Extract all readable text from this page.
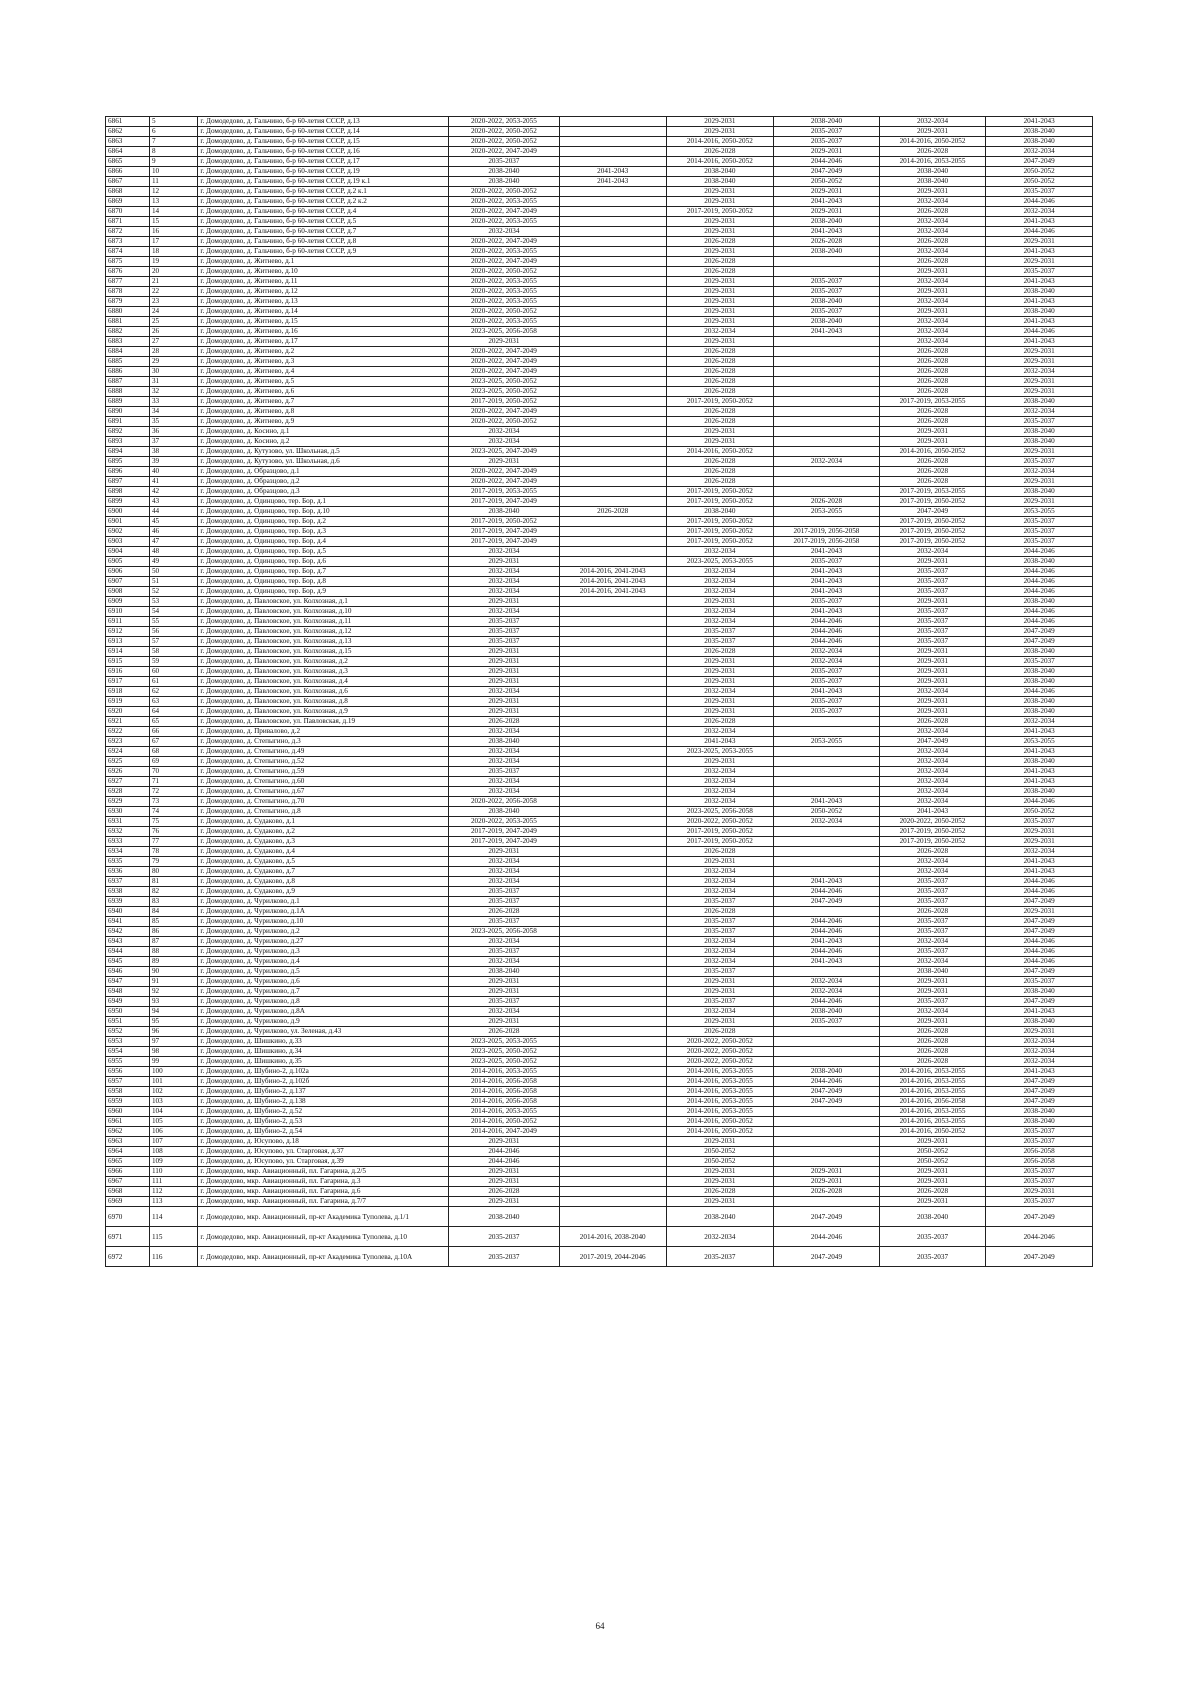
6861	5	г. Домодедово, д. Гальчино, б-р 60-летия СССР, д.13	2020-2022, 2053-2055		2029-2031	2038-2040	2032-2034	2041-2043
6862	6	г. Домодедово, д. Гальчино, б-р 60-летия СССР, д.14	2020-2022, 2050-2052		2029-2031	2035-2037	2029-2031	2038-2040
6863	7	г. Домодедово, д. Гальчино, б-р 60-летия СССР, д.15	2020-2022, 2050-2052		2014-2016, 2050-2052	2035-2037	2014-2016, 2050-2052	2038-2040
6864	8	г. Домодедово, д. Гальчино, б-р 60-летия СССР, д.16	2020-2022, 2047-2049		2026-2028	2029-2031	2026-2028	2032-2034
6865	9	г. Домодедово, д. Гальчино, б-р 60-летия СССР, д.17	2035-2037		2014-2016, 2050-2052	2044-2046	2014-2016, 2053-2055	2047-2049
6866	10	г. Домодедово, д. Гальчино, б-р 60-летия СССР, д.19	2038-2040	2041-2043	2038-2040	2047-2049	2038-2040	2050-2052
6867	11	г. Домодедово, д. Гальчино, б-р 60-летия СССР, д.19 к.1	2038-2040	2041-2043	2038-2040	2050-2052	2038-2040	2050-2052
6868	12	г. Домодедово, д. Гальчино, б-р 60-летия СССР, д.2 к.1	2020-2022, 2050-2052		2029-2031	2029-2031	2029-2031	2035-2037
6869	13	г. Домодедово, д. Гальчино, б-р 60-летия СССР, д.2 к.2	2020-2022, 2053-2055		2029-2031	2041-2043	2032-2034	2044-2046
6870	14	г. Домодедово, д. Гальчино, б-р 60-летия СССР, д.4	2020-2022, 2047-2049		2017-2019, 2050-2052	2029-2031	2026-2028	2032-2034
6871	15	г. Домодедово, д. Гальчино, б-р 60-летия СССР, д.5	2020-2022, 2053-2055		2029-2031	2038-2040	2032-2034	2041-2043
6872	16	г. Домодедово, д. Гальчино, б-р 60-летия СССР, д.7	2032-2034		2029-2031	2041-2043	2032-2034	2044-2046
6873	17	г. Домодедово, д. Гальчино, б-р 60-летия СССР, д.8	2020-2022, 2047-2049		2026-2028	2026-2028	2026-2028	2029-2031
6874	18	г. Домодедово, д. Гальчино, б-р 60-летия СССР, д.9	2020-2022, 2053-2055		2029-2031	2038-2040	2032-2034	2041-2043
6875	19	г. Домодедово, д. Житнево, д.1	2020-2022, 2047-2049		2026-2028		2026-2028	2029-2031
6876	20	г. Домодедово, д. Житнево, д.10	2020-2022, 2050-2052		2026-2028		2029-2031	2035-2037
6877	21	г. Домодедово, д. Житнево, д.11	2020-2022, 2053-2055		2029-2031	2035-2037	2032-2034	2041-2043
6878	22	г. Домодедово, д. Житнево, д.12	2020-2022, 2053-2055		2029-2031	2035-2037	2029-2031	2038-2040
6879	23	г. Домодедово, д. Житнево, д.13	2020-2022, 2053-2055		2029-2031	2038-2040	2032-2034	2041-2043
6880	24	г. Домодедово, д. Житнево, д.14	2020-2022, 2050-2052		2029-2031	2035-2037	2029-2031	2038-2040
6881	25	г. Домодедово, д. Житнево, д.15	2020-2022, 2053-2055		2029-2031	2038-2040	2032-2034	2041-2043
6882	26	г. Домодедово, д. Житнево, д.16	2023-2025, 2056-2058		2032-2034	2041-2043	2032-2034	2044-2046
6883	27	г. Домодедово, д. Житнево, д.17	2029-2031		2029-2031		2032-2034	2041-2043
6884	28	г. Домодедово, д. Житнево, д.2	2020-2022, 2047-2049		2026-2028		2026-2028	2029-2031
6885	29	г. Домодедово, д. Житнево, д.3	2020-2022, 2047-2049		2026-2028		2026-2028	2029-2031
6886	30	г. Домодедово, д. Житнево, д.4	2020-2022, 2047-2049		2026-2028		2026-2028	2032-2034
6887	31	г. Домодедово, д. Житнево, д.5	2023-2025, 2050-2052		2026-2028		2026-2028	2029-2031
6888	32	г. Домодедово, д. Житнево, д.6	2023-2025, 2050-2052		2026-2028		2026-2028	2029-2031
6889	33	г. Домодедово, д. Житнево, д.7	2017-2019, 2050-2052		2017-2019, 2050-2052		2017-2019, 2053-2055	2038-2040
6890	34	г. Домодедово, д. Житнево, д.8	2020-2022, 2047-2049		2026-2028		2026-2028	2032-2034
6891	35	г. Домодедово, д. Житнево, д.9	2020-2022, 2050-2052		2026-2028		2026-2028	2035-2037
6892	36	г. Домодедово, д. Косино, д.1	2032-2034		2029-2031		2029-2031	2038-2040
6893	37	г. Домодедово, д. Косино, д.2	2032-2034		2029-2031		2029-2031	2038-2040
6894	38	г. Домодедово, д. Кутузово, ул. Школьная, д.5	2023-2025, 2047-2049		2014-2016, 2050-2052		2014-2016, 2050-2052	2029-2031
6895	39	г. Домодедово, д. Кутузово, ул. Школьная, д.6	2029-2031		2026-2028	2032-2034	2026-2028	2035-2037
6896	40	г. Домодедово, д. Образцово, д.1	2020-2022, 2047-2049		2026-2028		2026-2028	2032-2034
6897	41	г. Домодедово, д. Образцово, д.2	2020-2022, 2047-2049		2026-2028		2026-2028	2029-2031
6898	42	г. Домодедово, д. Образцово, д.3	2017-2019, 2053-2055		2017-2019, 2050-2052		2017-2019, 2053-2055	2038-2040
6899	43	г. Домодедово, д. Одинцово, тер. Бор, д.1	2017-2019, 2047-2049		2017-2019, 2050-2052	2026-2028	2017-2019, 2050-2052	2029-2031
6900	44	г. Домодедово, д. Одинцово, тер. Бор, д.10	2038-2040	2026-2028	2038-2040	2053-2055	2047-2049	2053-2055
6901	45	г. Домодедово, д. Одинцово, тер. Бор, д.2	2017-2019, 2050-2052		2017-2019, 2050-2052		2017-2019, 2050-2052	2035-2037
6902	46	г. Домодедово, д. Одинцово, тер. Бор, д.3	2017-2019, 2047-2049		2017-2019, 2050-2052	2017-2019, 2056-2058	2017-2019, 2050-2052	2035-2037
6903	47	г. Домодедово, д. Одинцово, тер. Бор, д.4	2017-2019, 2047-2049		2017-2019, 2050-2052	2017-2019, 2056-2058	2017-2019, 2050-2052	2035-2037
6904	48	г. Домодедово, д. Одинцово, тер. Бор, д.5	2032-2034		2032-2034	2041-2043	2032-2034	2044-2046
6905	49	г. Домодедово, д. Одинцово, тер. Бор, д.6	2029-2031		2023-2025, 2053-2055	2035-2037	2029-2031	2038-2040
6906	50	г. Домодедово, д. Одинцово, тер. Бор, д.7	2032-2034	2014-2016, 2041-2043	2032-2034	2041-2043	2035-2037	2044-2046
6907	51	г. Домодедово, д. Одинцово, тер. Бор, д.8	2032-2034	2014-2016, 2041-2043	2032-2034	2041-2043	2035-2037	2044-2046
6908	52	г. Домодедово, д. Одинцово, тер. Бор, д.9	2032-2034	2014-2016, 2041-2043	2032-2034	2041-2043	2035-2037	2044-2046
6909	53	г. Домодедово, д. Павловское, ул. Колхозная, д.1	2029-2031		2029-2031	2035-2037	2029-2031	2038-2040
6910	54	г. Домодедово, д. Павловское, ул. Колхозная, д.10	2032-2034		2032-2034	2041-2043	2035-2037	2044-2046
6911	55	г. Домодедово, д. Павловское, ул. Колхозная, д.11	2035-2037		2032-2034	2044-2046	2035-2037	2044-2046
6912	56	г. Домодедово, д. Павловское, ул. Колхозная, д.12	2035-2037		2035-2037	2044-2046	2035-2037	2047-2049
6913	57	г. Домодедово, д. Павловское, ул. Колхозная, д.13	2035-2037		2035-2037	2044-2046	2035-2037	2047-2049
6914	58	г. Домодедово, д. Павловское, ул. Колхозная, д.15	2029-2031		2026-2028	2032-2034	2029-2031	2038-2040
6915	59	г. Домодедово, д. Павловское, ул. Колхозная, д.2	2029-2031		2029-2031	2032-2034	2029-2031	2035-2037
6916	60	г. Домодедово, д. Павловское, ул. Колхозная, д.3	2029-2031		2029-2031	2035-2037	2029-2031	2038-2040
6917	61	г. Домодедово, д. Павловское, ул. Колхозная, д.4	2029-2031		2029-2031	2035-2037	2029-2031	2038-2040
6918	62	г. Домодедово, д. Павловское, ул. Колхозная, д.6	2032-2034		2032-2034	2041-2043	2032-2034	2044-2046
6919	63	г. Домодедово, д. Павловское, ул. Колхозная, д.8	2029-2031		2029-2031	2035-2037	2029-2031	2038-2040
6920	64	г. Домодедово, д. Павловское, ул. Колхозная, д.9	2029-2031		2029-2031	2035-2037	2029-2031	2038-2040
6921	65	г. Домодедово, д. Павловское, ул. Павловская, д.19	2026-2028		2026-2028		2026-2028	2032-2034
6922	66	г. Домодедово, д. Привалово, д.2	2032-2034		2032-2034		2032-2034	2041-2043
6923	67	г. Домодедово, д. Степыгино, д.3	2038-2040		2041-2043	2053-2055	2047-2049	2053-2055
6924	68	г. Домодедово, д. Степыгино, д.49	2032-2034		2023-2025, 2053-2055		2032-2034	2041-2043
6925	69	г. Домодедово, д. Степыгино, д.52	2032-2034		2029-2031		2032-2034	2038-2040
6926	70	г. Домодедово, д. Степыгино, д.59	2035-2037		2032-2034		2032-2034	2041-2043
6927	71	г. Домодедово, д. Степыгино, д.60	2032-2034		2032-2034		2032-2034	2041-2043
6928	72	г. Домодедово, д. Степыгино, д.67	2032-2034		2032-2034		2032-2034	2038-2040
6929	73	г. Домодедово, д. Степыгино, д.70	2020-2022, 2056-2058		2032-2034	2041-2043	2032-2034	2044-2046
6930	74	г. Домодедово, д. Степыгино, д.8	2038-2040		2023-2025, 2056-2058	2050-2052	2041-2043	2050-2052
6931	75	г. Домодедово, д. Судаково, д.1	2020-2022, 2053-2055		2020-2022, 2050-2052	2032-2034	2020-2022, 2050-2052	2035-2037
6932	76	г. Домодедово, д. Судаково, д.2	2017-2019, 2047-2049		2017-2019, 2050-2052		2017-2019, 2050-2052	2029-2031
6933	77	г. Домодедово, д. Судаково, д.3	2017-2019, 2047-2049		2017-2019, 2050-2052		2017-2019, 2050-2052	2029-2031
6934	78	г. Домодедово, д. Судаково, д.4	2029-2031		2026-2028		2026-2028	2032-2034
6935	79	г. Домодедово, д. Судаково, д.5	2032-2034		2029-2031		2032-2034	2041-2043
6936	80	г. Домодедово, д. Судаково, д.7	2032-2034		2032-2034		2032-2034	2041-2043
6937	81	г. Домодедово, д. Судаково, д.8	2032-2034		2032-2034	2041-2043	2035-2037	2044-2046
6938	82	г. Домодедово, д. Судаково, д.9	2035-2037		2032-2034	2044-2046	2035-2037	2044-2046
6939	83	г. Домодедово, д. Чурилково, д.1	2035-2037		2035-2037	2047-2049	2035-2037	2047-2049
6940	84	г. Домодедово, д. Чурилково, д.1А	2026-2028		2026-2028		2026-2028	2029-2031
6941	85	г. Домодедово, д. Чурилково, д.10	2035-2037		2035-2037	2044-2046	2035-2037	2047-2049
6942	86	г. Домодедово, д. Чурилково, д.2	2023-2025, 2056-2058		2035-2037	2044-2046	2035-2037	2047-2049
6943	87	г. Домодедово, д. Чурилково, д.27	2032-2034		2032-2034	2041-2043	2032-2034	2044-2046
6944	88	г. Домодедово, д. Чурилково, д.3	2035-2037		2032-2034	2044-2046	2035-2037	2044-2046
6945	89	г. Домодедово, д. Чурилково, д.4	2032-2034		2032-2034	2041-2043	2032-2034	2044-2046
6946	90	г. Домодедово, д. Чурилково, д.5	2038-2040		2035-2037		2038-2040	2047-2049
6947	91	г. Домодедово, д. Чурилково, д.6	2029-2031		2029-2031	2032-2034	2029-2031	2035-2037
6948	92	г. Домодедово, д. Чурилково, д.7	2029-2031		2029-2031	2032-2034	2029-2031	2038-2040
6949	93	г. Домодедово, д. Чурилково, д.8	2035-2037		2035-2037	2044-2046	2035-2037	2047-2049
6950	94	г. Домодедово, д. Чурилково, д.8А	2032-2034		2032-2034	2038-2040	2032-2034	2041-2043
6951	95	г. Домодедово, д. Чурилково, д.9	2029-2031		2029-2031	2035-2037	2029-2031	2038-2040
6952	96	г. Домодедово, д. Чурилково, ул. Зеленая, д.43	2026-2028		2026-2028		2026-2028	2029-2031
6953	97	г. Домодедово, д. Шишкино, д.33	2023-2025, 2053-2055		2020-2022, 2050-2052		2026-2028	2032-2034
6954	98	г. Домодедово, д. Шишкино, д.34	2023-2025, 2050-2052		2020-2022, 2050-2052		2026-2028	2032-2034
6955	99	г. Домодедово, д. Шишкино, д.35	2023-2025, 2050-2052		2020-2022, 2050-2052		2026-2028	2032-2034
6956	100	г. Домодедово, д. Шубино-2, д.102а	2014-2016, 2053-2055		2014-2016, 2053-2055	2038-2040	2014-2016, 2053-2055	2041-2043
6957	101	г. Домодедово, д. Шубино-2, д.102б	2014-2016, 2056-2058		2014-2016, 2053-2055	2044-2046	2014-2016, 2053-2055	2047-2049
6958	102	г. Домодедово, д. Шубино-2, д.137	2014-2016, 2056-2058		2014-2016, 2053-2055	2047-2049	2014-2016, 2053-2055	2047-2049
6959	103	г. Домодедово, д. Шубино-2, д.138	2014-2016, 2056-2058		2014-2016, 2053-2055	2047-2049	2014-2016, 2056-2058	2047-2049
6960	104	г. Домодедово, д. Шубино-2, д.52	2014-2016, 2053-2055		2014-2016, 2053-2055		2014-2016, 2053-2055	2038-2040
6961	105	г. Домодедово, д. Шубино-2, д.53	2014-2016, 2050-2052		2014-2016, 2050-2052		2014-2016, 2053-2055	2038-2040
6962	106	г. Домодедово, д. Шубино-2, д.54	2014-2016, 2047-2049		2014-2016, 2050-2052		2014-2016, 2050-2052	2035-2037
6963	107	г. Домодедово, д. Юсупово, д.18	2029-2031		2029-2031		2029-2031	2035-2037
6964	108	г. Домодедово, д. Юсупово, ул. Старговая, д.37	2044-2046		2050-2052		2050-2052	2056-2058
6965	109	г. Домодедово, д. Юсупово, ул. Старговая, д.39	2044-2046		2050-2052		2050-2052	2056-2058
6966	110	г. Домодедово, мкр. Авиационный, пл. Гагарина, д.2/5	2029-2031		2029-2031	2029-2031	2029-2031	2035-2037
6967	111	г. Домодедово, мкр. Авиационный, пл. Гагарина, д.3	2029-2031		2029-2031	2029-2031	2029-2031	2035-2037
6968	112	г. Домодедово, мкр. Авиационный, пл. Гагарина, д.6	2026-2028		2026-2028	2026-2028	2026-2028	2029-2031
6969	113	г. Домодедово, мкр. Авиационный, пл. Гагарина, д.7/7	2029-2031		2029-2031		2029-2031	2035-2037
6970	114	г. Домодедово, мкр. Авиационный, пр-кт Академика Туполева, д.1/1	2038-2040		2038-2040	2047-2049	2038-2040	2047-2049
6971	115	г. Домодедово, мкр. Авиационный, пр-кт Академика Туполева, д.10	2035-2037	2014-2016, 2038-2040	2032-2034	2044-2046	2035-2037	2044-2046
6972	116	г. Домодедово, мкр. Авиационный, пр-кт Академика Туполева, д.10А	2035-2037	2017-2019, 2044-2046	2035-2037	2047-2049	2035-2037	2047-2049
64
